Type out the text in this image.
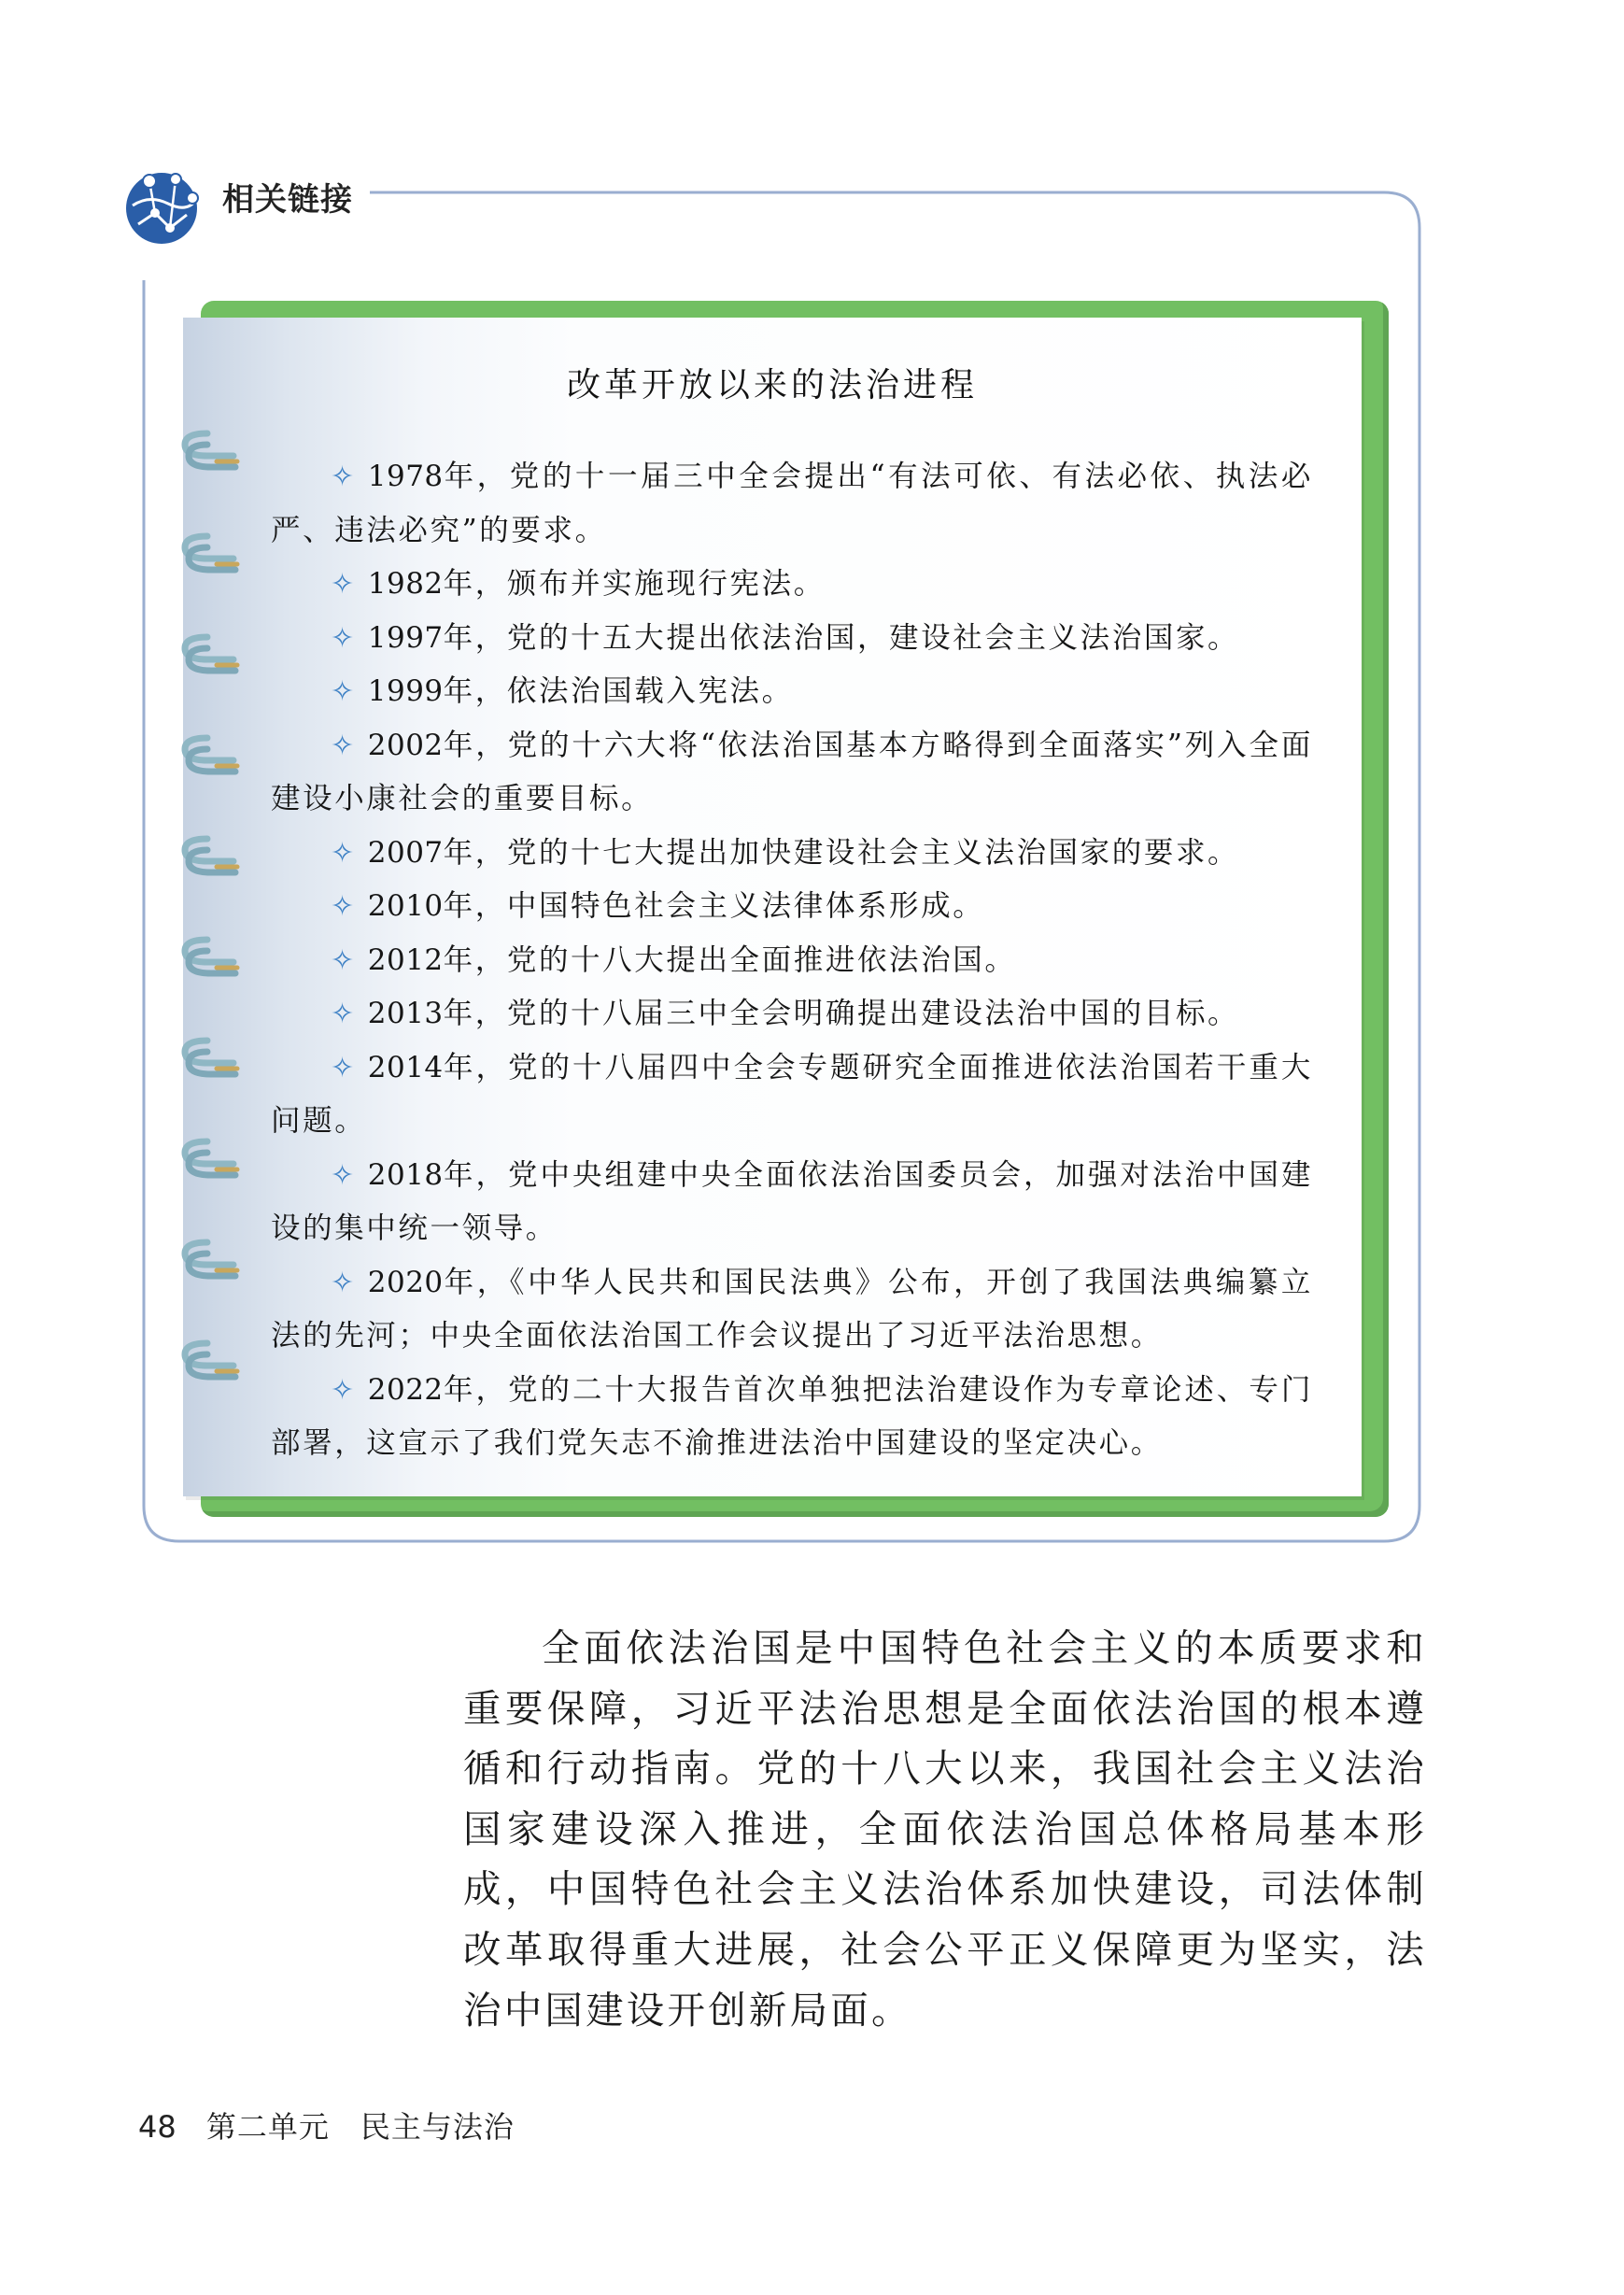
相关链接
改革开放以来的法治进程
✧ 1978年，党的十一届三中全会提出“有法可依、有法必依、执法必严、违法必究”的要求。
✧ 1982年，颁布并实施现行宪法。
✧ 1997年，党的十五大提出依法治国，建设社会主义法治国家。
✧ 1999年，依法治国载入宪法。
✧ 2002年，党的十六大将“依法治国基本方略得到全面落实”列入全面建设小康社会的重要目标。
✧ 2007年，党的十七大提出加快建设社会主义法治国家的要求。
✧ 2010年，中国特色社会主义法律体系形成。
✧ 2012年，党的十八大提出全面推进依法治国。
✧ 2013年，党的十八届三中全会明确提出建设法治中国的目标。
✧ 2014年，党的十八届四中全会专题研究全面推进依法治国若干重大问题。
✧ 2018年，党中央组建中央全面依法治国委员会，加强对法治中国建设的集中统一领导。
✧ 2020年，《中华人民共和国民法典》公布，开创了我国法典编纂立法的先河；中央全面依法治国工作会议提出了习近平法治思想。
✧ 2022年，党的二十大报告首次单独把法治建设作为专章论述、专门部署，这宣示了我们党矢志不渝推进法治中国建设的坚定决心。

全面依法治国是中国特色社会主义的本质要求和重要保障，习近平法治思想是全面依法治国的根本遵循和行动指南。党的十八大以来，我国社会主义法治国家建设深入推进，全面依法治国总体格局基本形成，中国特色社会主义法治体系加快建设，司法体制改革取得重大进展，社会公平正义保障更为坚实，法治中国建设开创新局面。

48 第二单元　民主与法治
